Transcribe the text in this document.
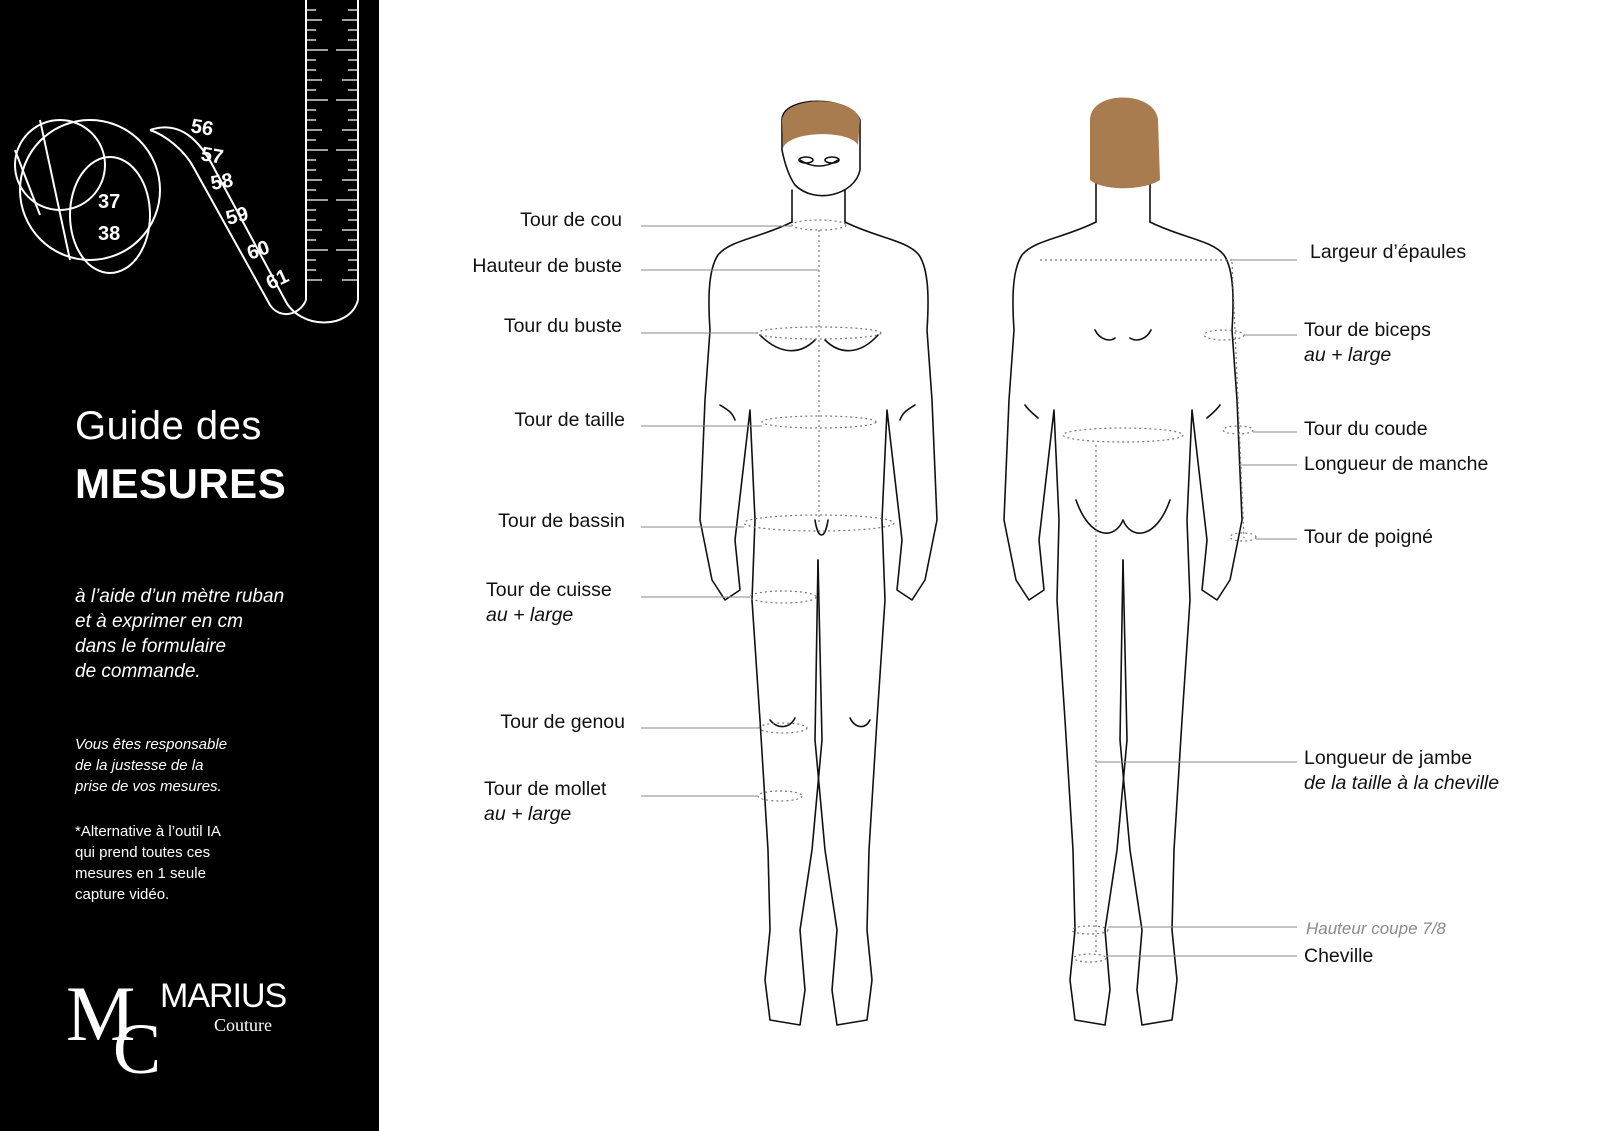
37
38
56
57
58
59
60
61
Guide des
MESURES
à l’aide d’un mètre ruban
et à exprimer en cm
dans le formulaire
de commande.
Vous êtes responsable
de la justesse de la
prise de vos mesures.
*Alternative à l’outil IA
qui prend toutes ces
mesures en 1 seule
capture vidéo.
M
C
MARIUS
Couture
Tour de cou
Hauteur de buste
Tour du buste
Tour de taille
Tour de bassin
Tour de cuisse
au + large
Tour de genou
Tour de mollet
au + large
Largeur d’épaules
Tour de biceps
au + large
Tour du coude
Longueur de manche
Tour de poigné
Longueur de jambe
de la taille à la cheville
Hauteur coupe 7/8
Cheville
